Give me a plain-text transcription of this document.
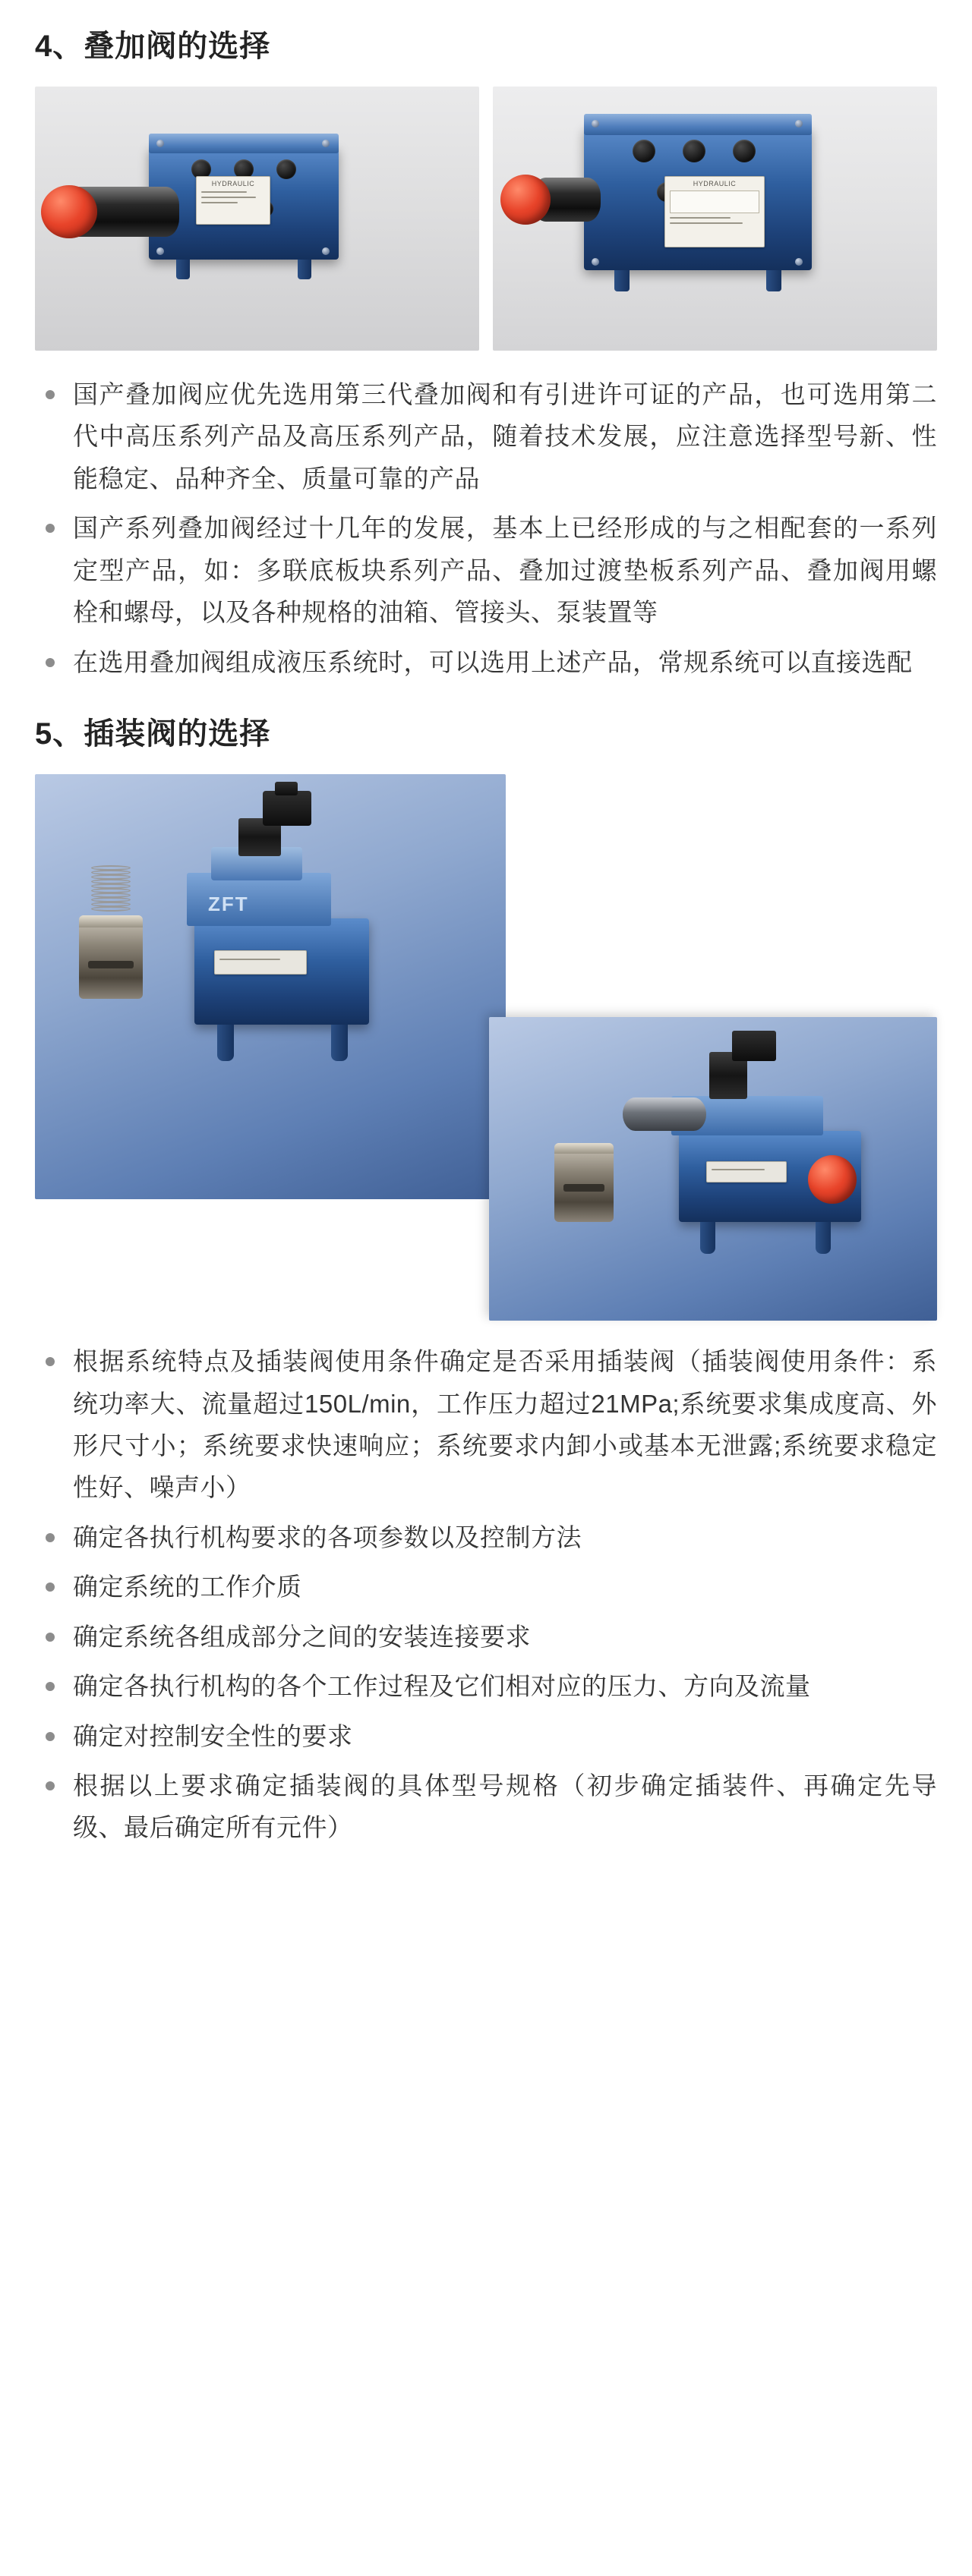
4、叠加阀的选择
HYDRAULIC	HYDRAULIC
国产叠加阀应优先选用第三代叠加阀和有引进许可证的产品，也可选用第二代中高压系列产品及高压系列产品，随着技术发展，应注意选择型号新、性能稳定、品种齐全、质量可靠的产品
国产系列叠加阀经过十几年的发展，基本上已经形成的与之相配套的一系列定型产品，如：多联底板块系列产品、叠加过渡垫板系列产品、叠加阀用螺栓和螺母，以及各种规格的油箱、管接头、泵装置等
在选用叠加阀组成液压系统时，可以选用上述产品，常规系统可以直接选配
5、插装阀的选择
ZFT
根据系统特点及插装阀使用条件确定是否采用插装阀（插装阀使用条件：系统功率大、流量超过150L/min，工作压力超过21MPa;系统要求集成度高、外形尺寸小；系统要求快速响应；系统要求内卸小或基本无泄露;系统要求稳定性好、噪声小）
确定各执行机构要求的各项参数以及控制方法
确定系统的工作介质
确定系统各组成部分之间的安装连接要求
确定各执行机构的各个工作过程及它们相对应的压力、方向及流量
确定对控制安全性的要求
根据以上要求确定插装阀的具体型号规格（初步确定插装件、再确定先导级、最后确定所有元件）
